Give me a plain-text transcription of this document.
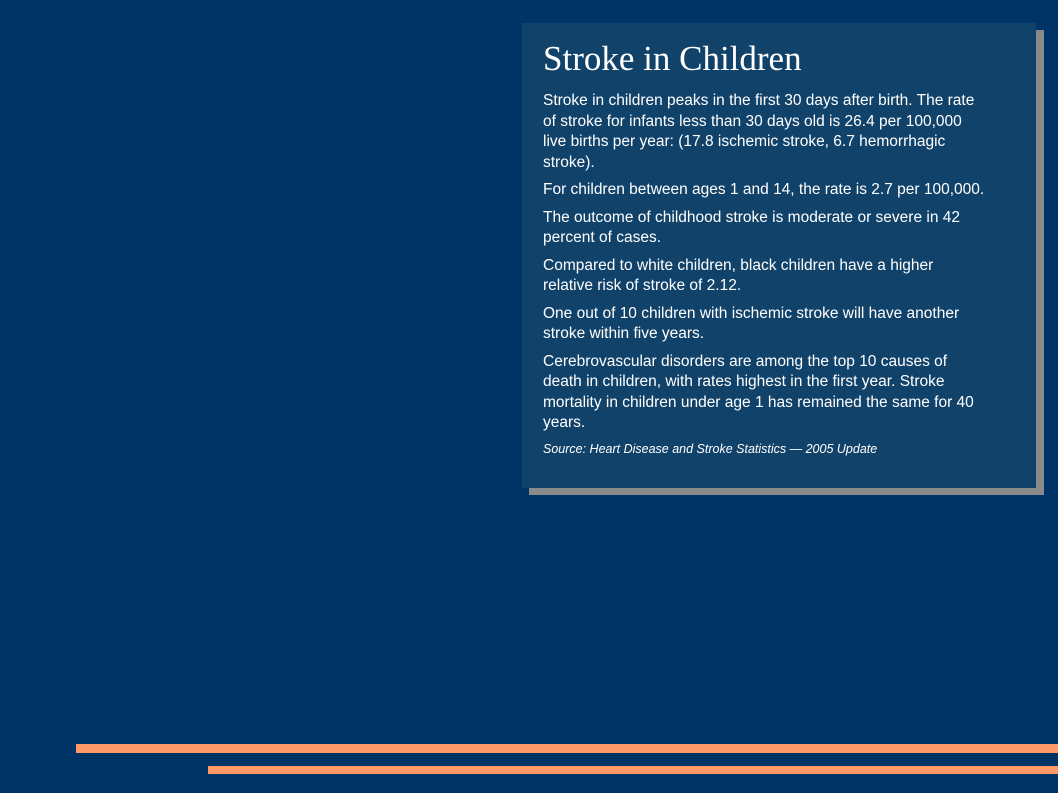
Stroke in Children

Stroke in children peaks in the first 30 days after birth. The rate of stroke for infants less than 30 days old is 26.4 per 100,000 live births per year: (17.8 ischemic stroke, 6.7 hemorrhagic stroke).

For children between ages 1 and 14, the rate is 2.7 per 100,000.

The outcome of childhood stroke is moderate or severe in 42 percent of cases.

Compared to white children, black children have a higher relative risk of stroke of 2.12.

One out of 10 children with ischemic stroke will have another stroke within five years.

Cerebrovascular disorders are among the top 10 causes of death in children, with rates highest in the first year. Stroke mortality in children under age 1 has remained the same for 40 years.

Source: Heart Disease and Stroke Statistics — 2005 Update
